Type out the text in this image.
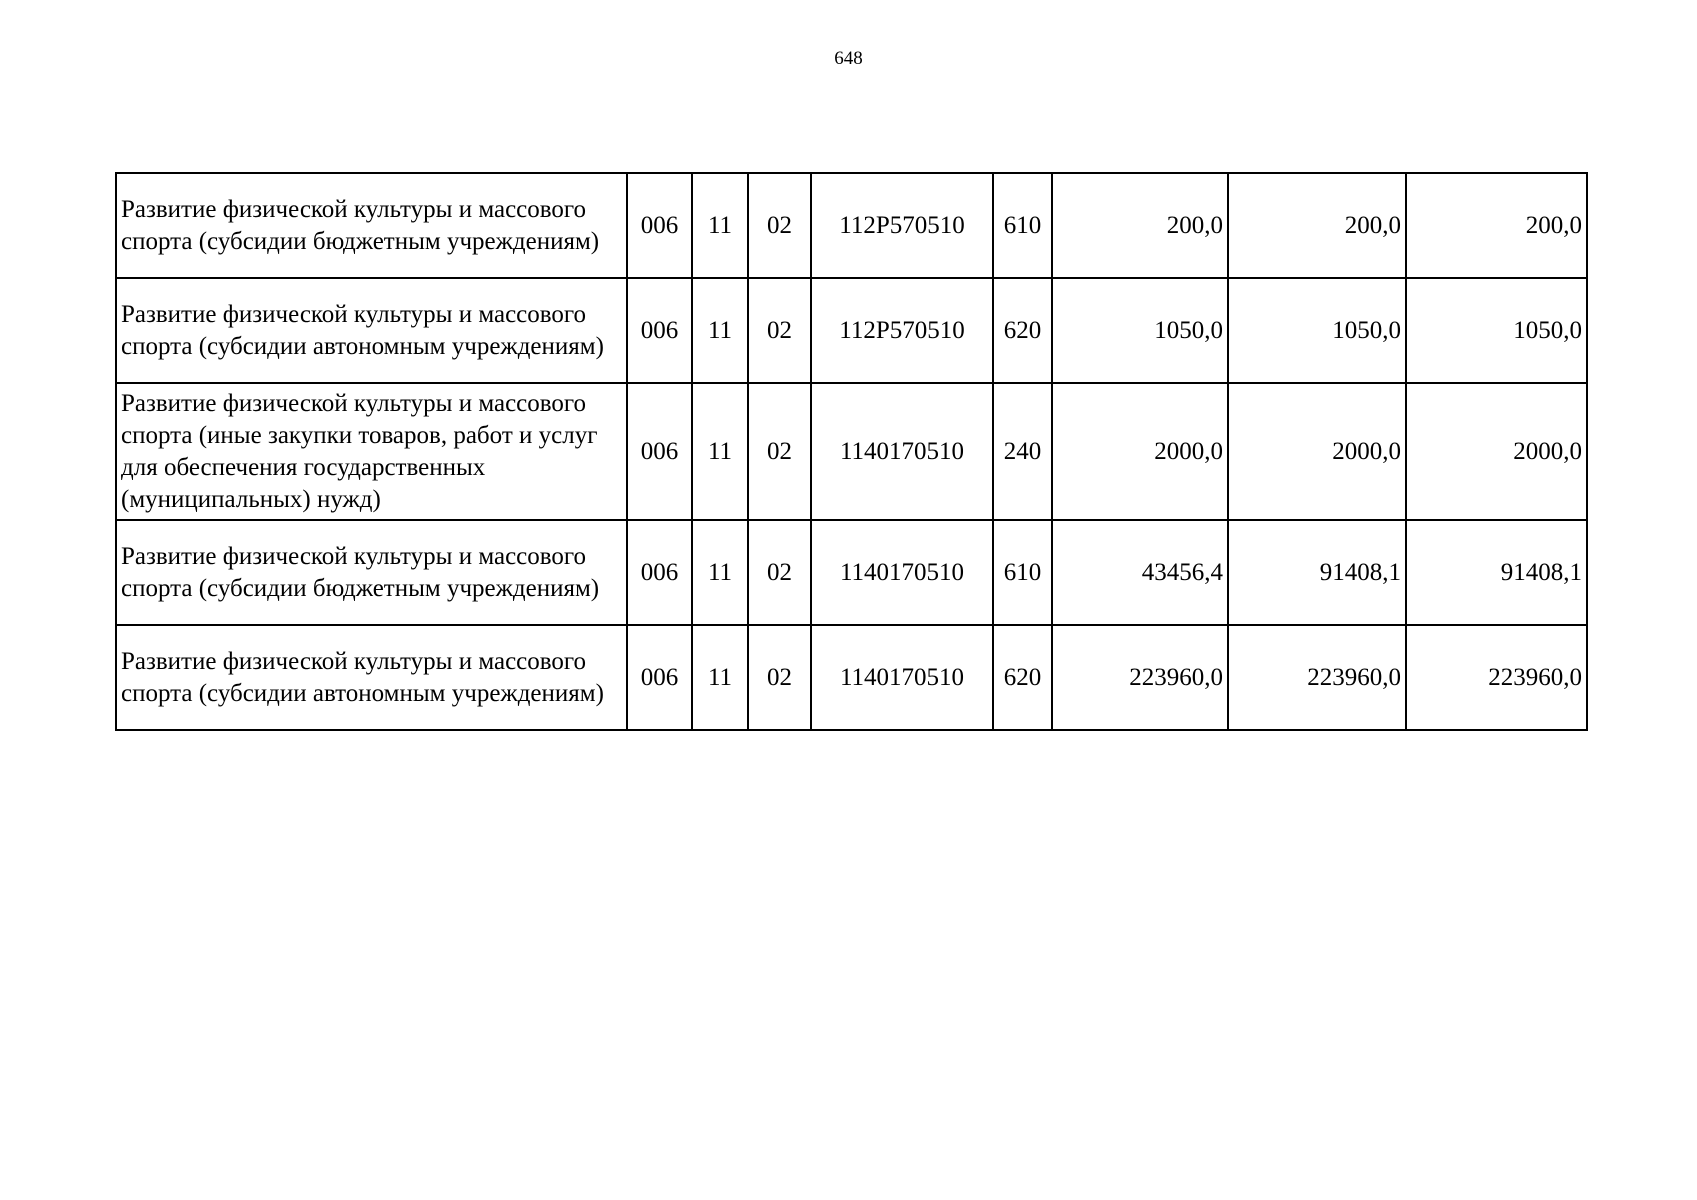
648
Развитие физической культуры и массового спорта (субсидии бюджетным учреждениям)	006	11	02	112P570510	610	200,0	200,0	200,0
Развитие физической культуры и массового спорта (субсидии автономным учреждениям)	006	11	02	112P570510	620	1050,0	1050,0	1050,0
Развитие физической культуры и массового спорта (иные закупки товаров, работ и услуг для обеспечения государственных (муниципальных) нужд)	006	11	02	1140170510	240	2000,0	2000,0	2000,0
Развитие физической культуры и массового спорта (субсидии бюджетным учреждениям)	006	11	02	1140170510	610	43456,4	91408,1	91408,1
Развитие физической культуры и массового спорта (субсидии автономным учреждениям)	006	11	02	1140170510	620	223960,0	223960,0	223960,0
